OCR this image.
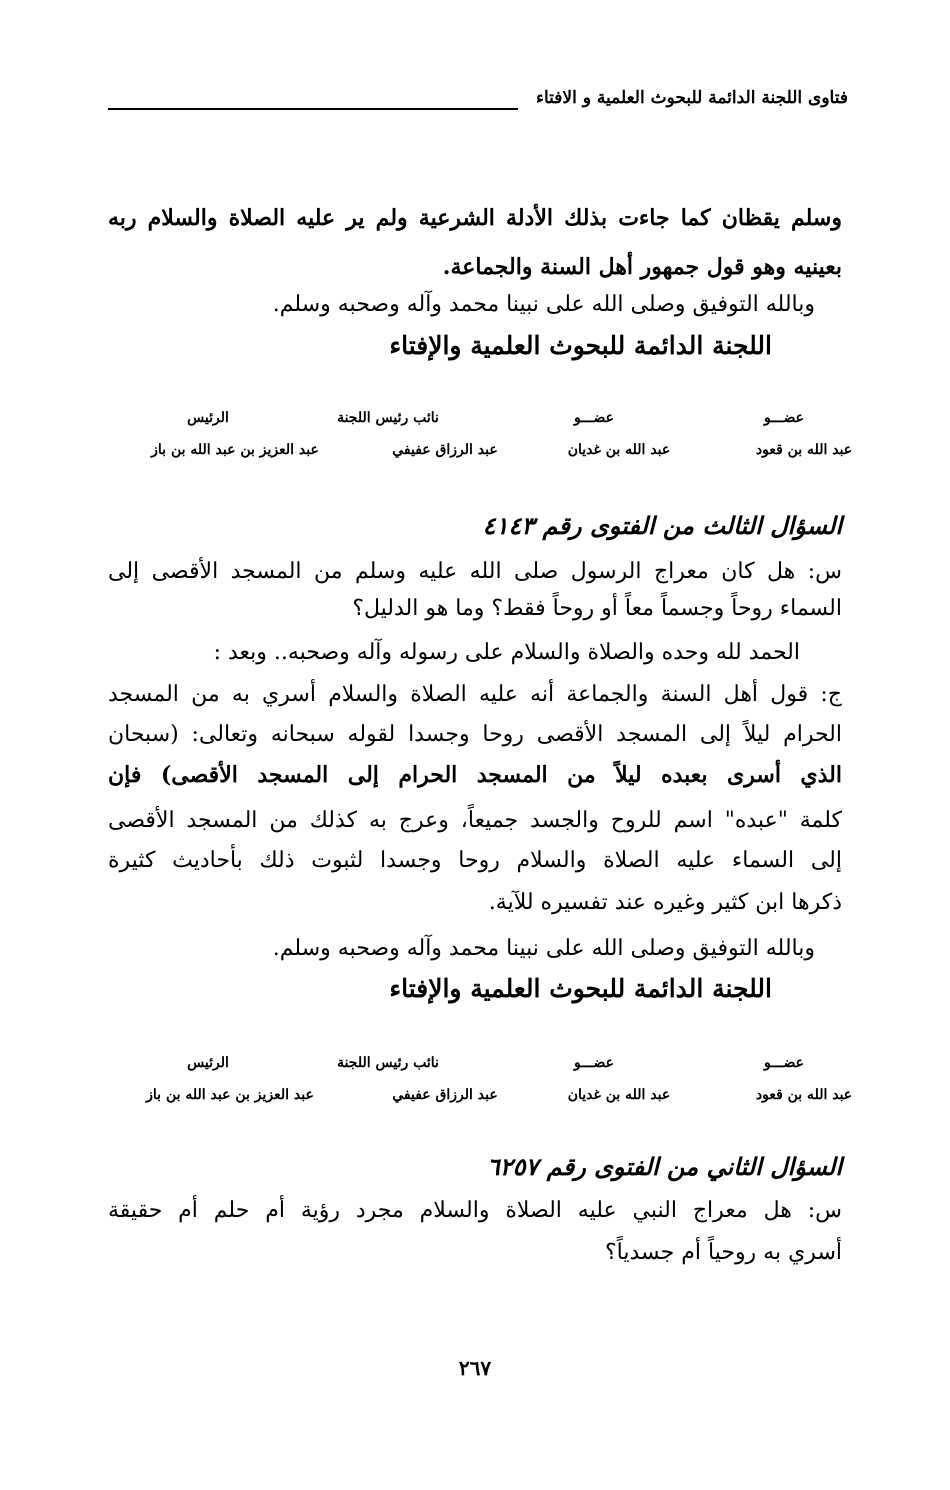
فتاوى اللجنة الدائمة للبحوث العلمية و الافتاء
وسلم يقظان كما جاءت بذلك الأدلة الشرعية ولم ير عليه الصلاة والسلام ربه
بعينيه وهو قول جمهور أهل السنة والجماعة.
وبالله التوفيق وصلى الله على نبينا محمد وآله وصحبه وسلم.
اللجنة الدائمة للبحوث العلمية والإفتاء
عضـــو
عضـــو
نائب رئيس اللجنة
الرئيس
عبد الله بن قعود
عبد الله بن غديان
عبد الرزاق عفيفي
عبد العزيز بن عبد الله بن باز
السؤال الثالث من الفتوى رقم ٤١٤٣
س: هل كان معراج الرسول صلى الله عليه وسلم من المسجد الأقصى إلى
السماء روحاً وجسماً معاً أو روحاً فقط؟ وما هو الدليل؟
الحمد لله وحده والصلاة والسلام على رسوله وآله وصحبه.. وبعد :
ج: قول أهل السنة والجماعة أنه عليه الصلاة والسلام أسري به من المسجد
الحرام ليلاً إلى المسجد الأقصى روحا وجسدا لقوله سبحانه وتعالى: (سبحان
الذي أسرى بعبده ليلاً من المسجد الحرام إلى المسجد الأقصى) فإن
كلمة "عبده" اسم للروح والجسد جميعاً، وعرج به كذلك من المسجد الأقصى
إلى السماء عليه الصلاة والسلام روحا وجسدا لثبوت ذلك بأحاديث كثيرة
ذكرها ابن كثير وغيره عند تفسيره للآية.
وبالله التوفيق وصلى الله على نبينا محمد وآله وصحبه وسلم.
اللجنة الدائمة للبحوث العلمية والإفتاء
عضـــو
عضـــو
نائب رئيس اللجنة
الرئيس
عبد الله بن قعود
عبد الله بن غديان
عبد الرزاق عفيفي
عبد العزيز بن عبد الله بن باز
السؤال الثاني من الفتوى رقم ٦٢٥٧
س: هل معراج النبي عليه الصلاة والسلام مجرد رؤية أم حلم أم حقيقة
أسري به روحياً أم جسدياً؟
٢٦٧
